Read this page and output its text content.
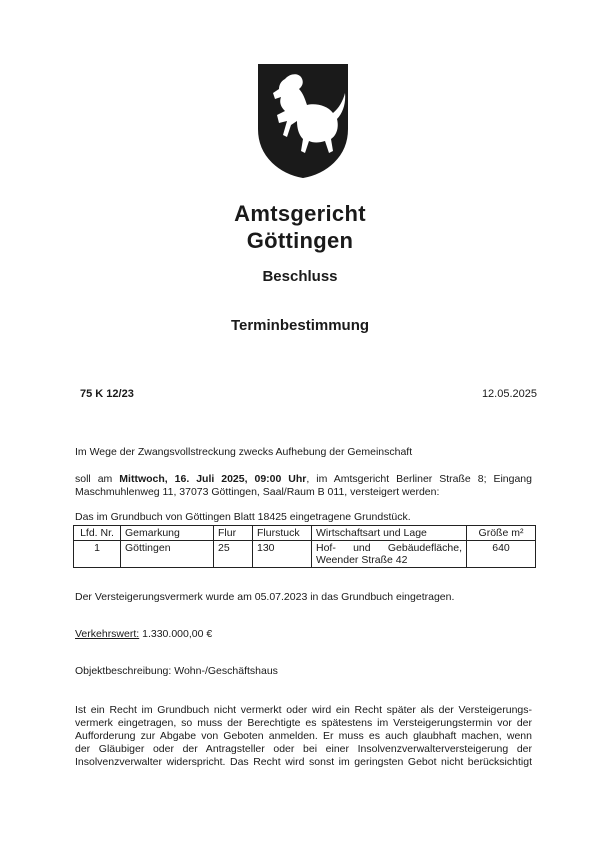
Amtsgericht
Göttingen
Beschluss
Terminbestimmung
75 K 12/23	12.05.2025
Im Wege der Zwangsvollstreckung zwecks Aufhebung der Gemeinschaft
soll am Mittwoch, 16. Juli 2025, 09:00 Uhr, im Amtsgericht Berliner Straße 8; Eingang
Maschmuhlenweg 11, 37073 Göttingen, Saal/Raum B 011, versteigert werden:
Das im Grundbuch von Göttingen Blatt 18425 eingetragene Grundstück.
Lfd. Nr.	Gemarkung	Flur	Flurstuck	Wirtschaftsart und Lage	Größe m²
1	Göttingen	25	130	Hof- und Gebäudefläche,
Weender Straße 42	640
Der Versteigerungsvermerk wurde am 05.07.2023 in das Grundbuch eingetragen.
Verkehrswert: 1.330.000,00 €
Objektbeschreibung: Wohn-/Geschäftshaus
Ist ein Recht im Grundbuch nicht vermerkt oder wird ein Recht später als der Versteigerungs-
vermerk eingetragen, so muss der Berechtigte es spätestens im Versteigerungstermin vor der
Aufforderung zur Abgabe von Geboten anmelden. Er muss es auch glaubhaft machen, wenn
der Gläubiger oder der Antragsteller oder bei einer Insolvenzverwalterversteigerung der
Insolvenzverwalter widerspricht. Das Recht wird sonst im geringsten Gebot nicht berücksichtigt
